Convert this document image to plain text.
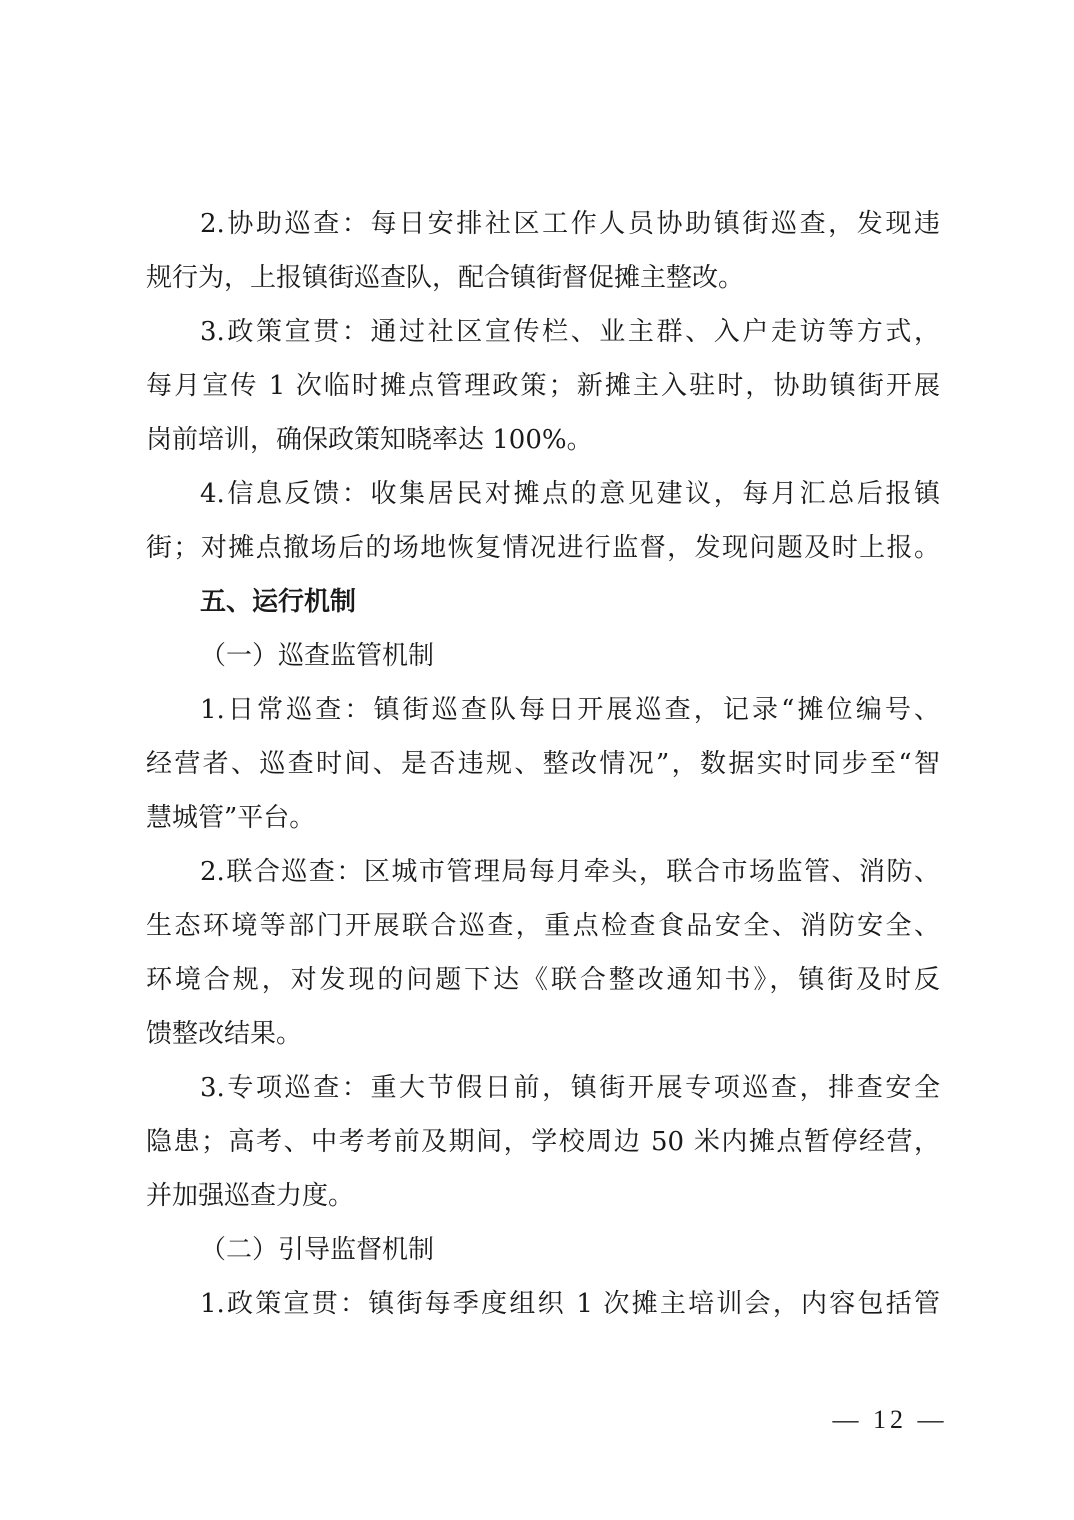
2.协助巡查：每日安排社区工作人员协助镇街巡查，发现违
规行为，上报镇街巡查队，配合镇街督促摊主整改。
3.政策宣贯：通过社区宣传栏、业主群、入户走访等方式，
每月宣传 1 次临时摊点管理政策；新摊主入驻时，协助镇街开展
岗前培训，确保政策知晓率达 100%。
4.信息反馈：收集居民对摊点的意见建议，每月汇总后报镇
街；对摊点撤场后的场地恢复情况进行监督，发现问题及时上报。
五、运行机制
（一）巡查监管机制
1.日常巡查：镇街巡查队每日开展巡查，记录“摊位编号、
经营者、巡查时间、是否违规、整改情况”，数据实时同步至“智
慧城管”平台。
2.联合巡查：区城市管理局每月牵头，联合市场监管、消防、
生态环境等部门开展联合巡查，重点检查食品安全、消防安全、
环境合规，对发现的问题下达《联合整改通知书》，镇街及时反
馈整改结果。
3.专项巡查：重大节假日前，镇街开展专项巡查，排查安全
隐患；高考、中考考前及期间，学校周边 50 米内摊点暂停经营，
并加强巡查力度。
（二）引导监督机制
1.政策宣贯：镇街每季度组织 1 次摊主培训会，内容包括管
— 12 —
